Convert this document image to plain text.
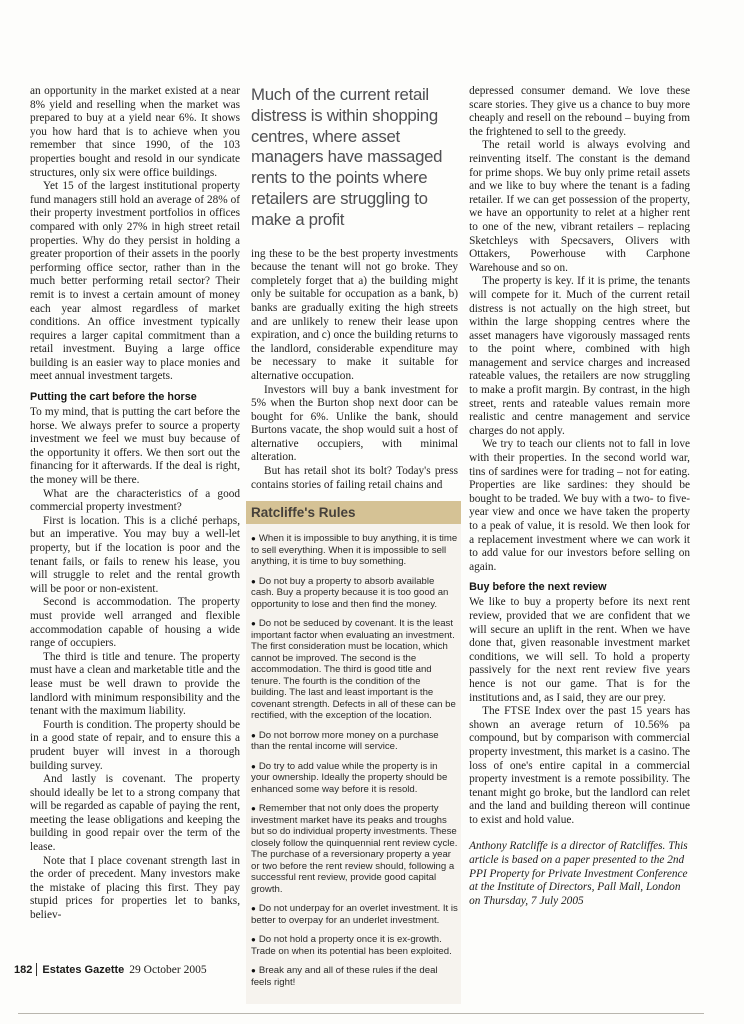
an opportunity in the market existed at a near 8% yield and reselling when the market was prepared to buy at a yield near 6%. It shows you how hard that is to achieve when you remember that since 1990, of the 103 properties bought and resold in our syndicate structures, only six were office buildings.

Yet 15 of the largest institutional property fund managers still hold an average of 28% of their property investment portfolios in offices compared with only 27% in high street retail properties. Why do they persist in holding a greater proportion of their assets in the poorly performing office sector, rather than in the much better performing retail sector? Their remit is to invest a certain amount of money each year almost regardless of market conditions. An office investment typically requires a larger capital commitment than a retail investment. Buying a large office building is an easier way to place monies and meet annual investment targets.

Putting the cart before the horse

To my mind, that is putting the cart before the horse. We always prefer to source a property investment we feel we must buy because of the opportunity it offers. We then sort out the financing for it afterwards. If the deal is right, the money will be there.

What are the characteristics of a good commercial property investment?

First is location. This is a cliché perhaps, but an imperative. You may buy a well-let property, but if the location is poor and the tenant fails, or fails to renew his lease, you will struggle to relet and the rental growth will be poor or non-existent.

Second is accommodation. The property must provide well arranged and flexible accommodation capable of housing a wide range of occupiers.

The third is title and tenure. The property must have a clean and marketable title and the lease must be well drawn to provide the landlord with minimum responsibility and the tenant with the maximum liability.

Fourth is condition. The property should be in a good state of repair, and to ensure this a prudent buyer will invest in a thorough building survey.

And lastly is covenant. The property should ideally be let to a strong company that will be regarded as capable of paying the rent, meeting the lease obligations and keeping the building in good repair over the term of the lease.

Note that I place covenant strength last in the order of precedent. Many investors make the mistake of placing this first. They pay stupid prices for properties let to banks, believ-

Much of the current retail distress is within shopping centres, where asset managers have massaged rents to the points where retailers are struggling to make a profit

ing these to be the best property investments because the tenant will not go broke. They completely forget that a) the building might only be suitable for occupation as a bank, b) banks are gradually exiting the high streets and are unlikely to renew their lease upon expiration, and c) once the building returns to the landlord, considerable expenditure may be necessary to make it suitable for alternative occupation.

Investors will buy a bank investment for 5% when the Burton shop next door can be bought for 6%. Unlike the bank, should Burtons vacate, the shop would suit a host of alternative occupiers, with minimal alteration.

But has retail shot its bolt? Today's press contains stories of failing retail chains and

Ratcliffe's Rules

● When it is impossible to buy anything, it is time to sell everything. When it is impossible to sell anything, it is time to buy something.

● Do not buy a property to absorb available cash. Buy a property because it is too good an opportunity to lose and then find the money.

● Do not be seduced by covenant. It is the least important factor when evaluating an investment. The first consideration must be location, which cannot be improved. The second is the accommodation. The third is good title and tenure. The fourth is the condition of the building. The last and least important is the covenant strength. Defects in all of these can be rectified, with the exception of the location.

● Do not borrow more money on a purchase than the rental income will service.

● Do try to add value while the property is in your ownership. Ideally the property should be enhanced some way before it is resold.

● Remember that not only does the property investment market have its peaks and troughs but so do individual property investments. These closely follow the quinquennial rent review cycle. The purchase of a reversionary property a year or two before the rent review should, following a successful rent review, provide good capital growth.

● Do not underpay for an overlet investment. It is better to overpay for an underlet investment.

● Do not hold a property once it is ex-growth. Trade on when its potential has been exploited.

● Break any and all of these rules if the deal feels right!

depressed consumer demand. We love these scare stories. They give us a chance to buy more cheaply and resell on the rebound – buying from the frightened to sell to the greedy.

The retail world is always evolving and reinventing itself. The constant is the demand for prime shops. We buy only prime retail assets and we like to buy where the tenant is a fading retailer. If we can get possession of the property, we have an opportunity to relet at a higher rent to one of the new, vibrant retailers – replacing Sketchleys with Specsavers, Olivers with Ottakers, Powerhouse with Carphone Warehouse and so on.

The property is key. If it is prime, the tenants will compete for it. Much of the current retail distress is not actually on the high street, but within the large shopping centres where the asset managers have vigorously massaged rents to the point where, combined with high management and service charges and increased rateable values, the retailers are now struggling to make a profit margin. By contrast, in the high street, rents and rateable values remain more realistic and centre management and service charges do not apply.

We try to teach our clients not to fall in love with their properties. In the second world war, tins of sardines were for trading – not for eating. Properties are like sardines: they should be bought to be traded. We buy with a two- to five-year view and once we have taken the property to a peak of value, it is resold. We then look for a replacement investment where we can work it to add value for our investors before selling on again.

Buy before the next review

We like to buy a property before its next rent review, provided that we are confident that we will secure an uplift in the rent. When we have done that, given reasonable investment market conditions, we will sell. To hold a property passively for the next rent review five years hence is not our game. That is for the institutions and, as I said, they are our prey.

The FTSE Index over the past 15 years has shown an average return of 10.56% pa compound, but by comparison with commercial property investment, this market is a casino. The loss of one's entire capital in a commercial property investment is a remote possibility. The tenant might go broke, but the landlord can relet and the land and building thereon will continue to exist and hold value.

Anthony Ratcliffe is a director of Ratcliffes. This article is based on a paper presented to the 2nd PPI Property for Private Investment Conference at the Institute of Directors, Pall Mall, London on Thursday, 7 July 2005

182 Estates Gazette 29 October 2005
